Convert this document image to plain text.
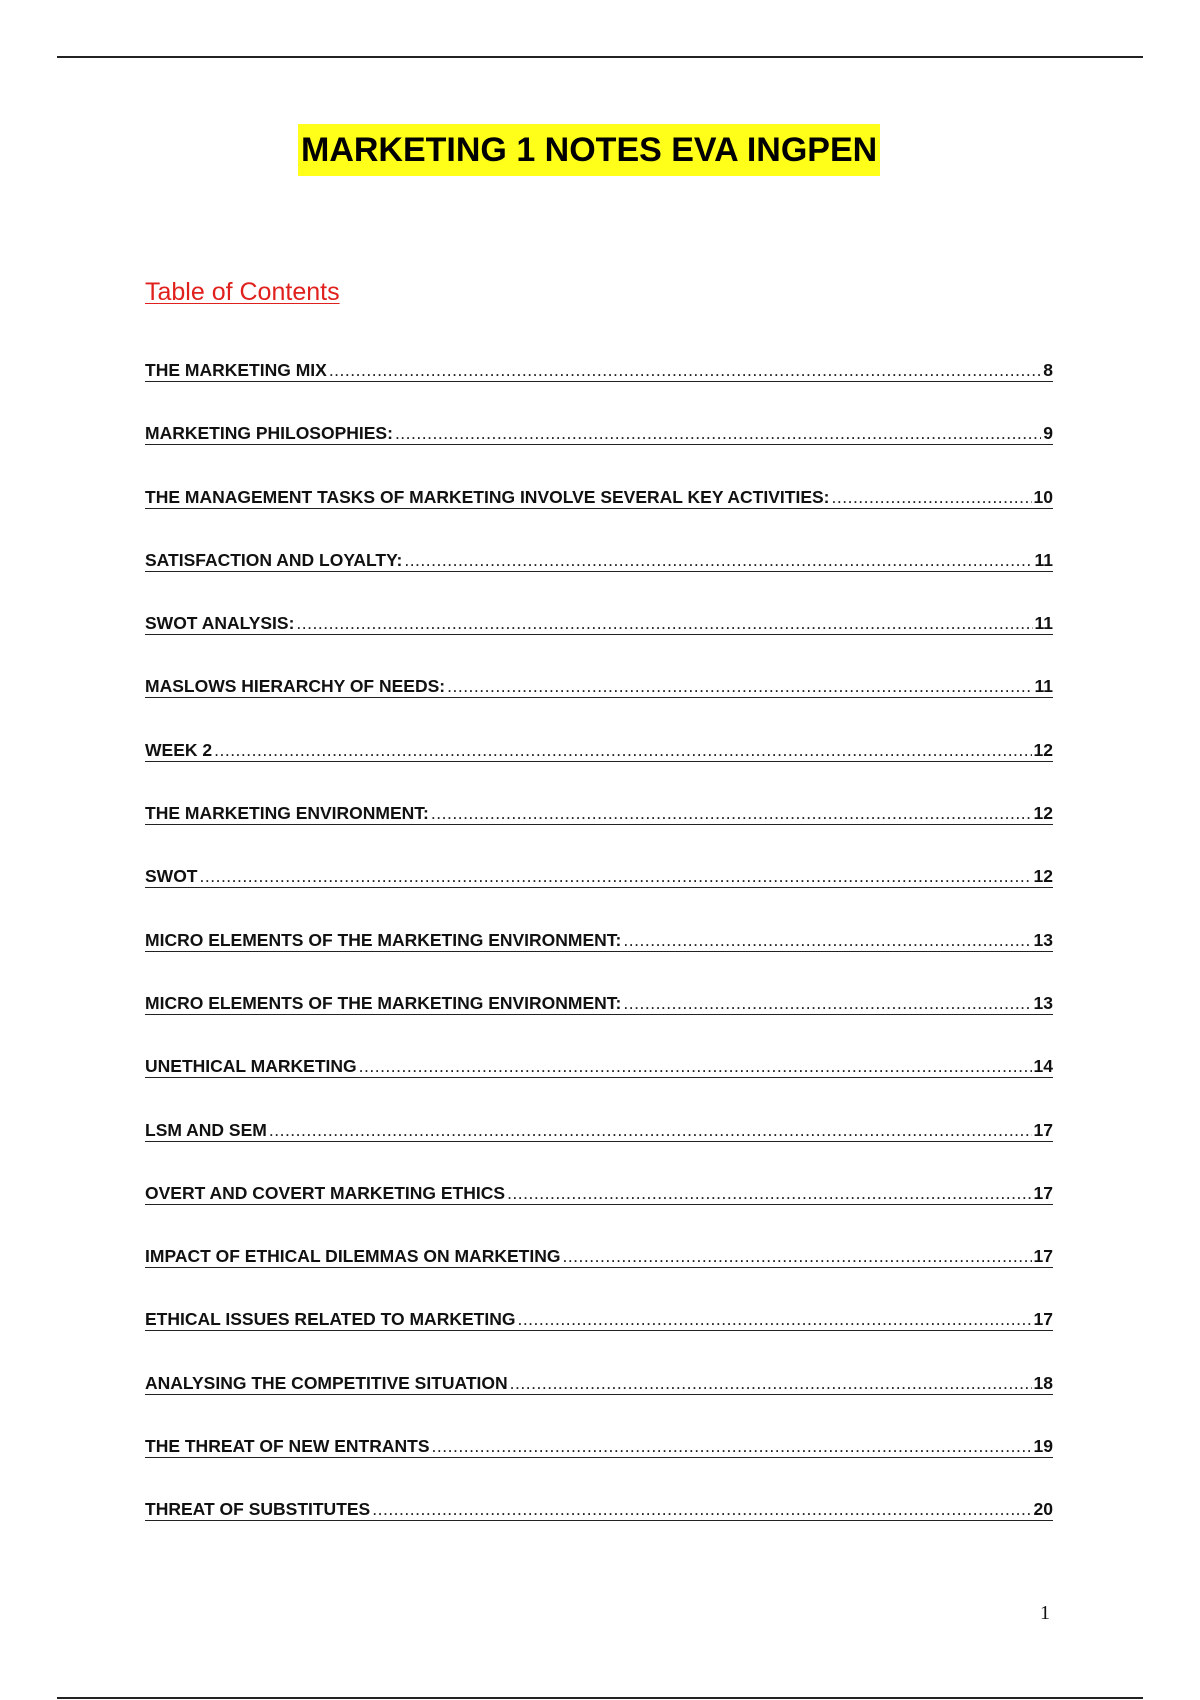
MARKETING 1 NOTES EVA INGPEN
Table of Contents
THE MARKETING MIX .....	8
MARKETING PHILOSOPHIES: .....	9
THE MANAGEMENT TASKS OF MARKETING INVOLVE SEVERAL KEY ACTIVITIES: .....	10
SATISFACTION AND LOYALTY: .....	11
SWOT ANALYSIS: .....	11
MASLOWS HIERARCHY OF NEEDS: .....	11
WEEK 2 .....	12
THE MARKETING ENVIRONMENT: .....	12
SWOT .....	12
MICRO ELEMENTS OF THE MARKETING ENVIRONMENT: .....	13
MICRO ELEMENTS OF THE MARKETING ENVIRONMENT: .....	13
UNETHICAL MARKETING .....	14
LSM AND SEM .....	17
OVERT AND COVERT MARKETING ETHICS .....	17
IMPACT OF ETHICAL DILEMMAS ON MARKETING .....	17
ETHICAL ISSUES RELATED TO MARKETING .....	17
ANALYSING THE COMPETITIVE SITUATION .....	18
THE THREAT OF NEW ENTRANTS .....	19
THREAT OF SUBSTITUTES .....	20
1
